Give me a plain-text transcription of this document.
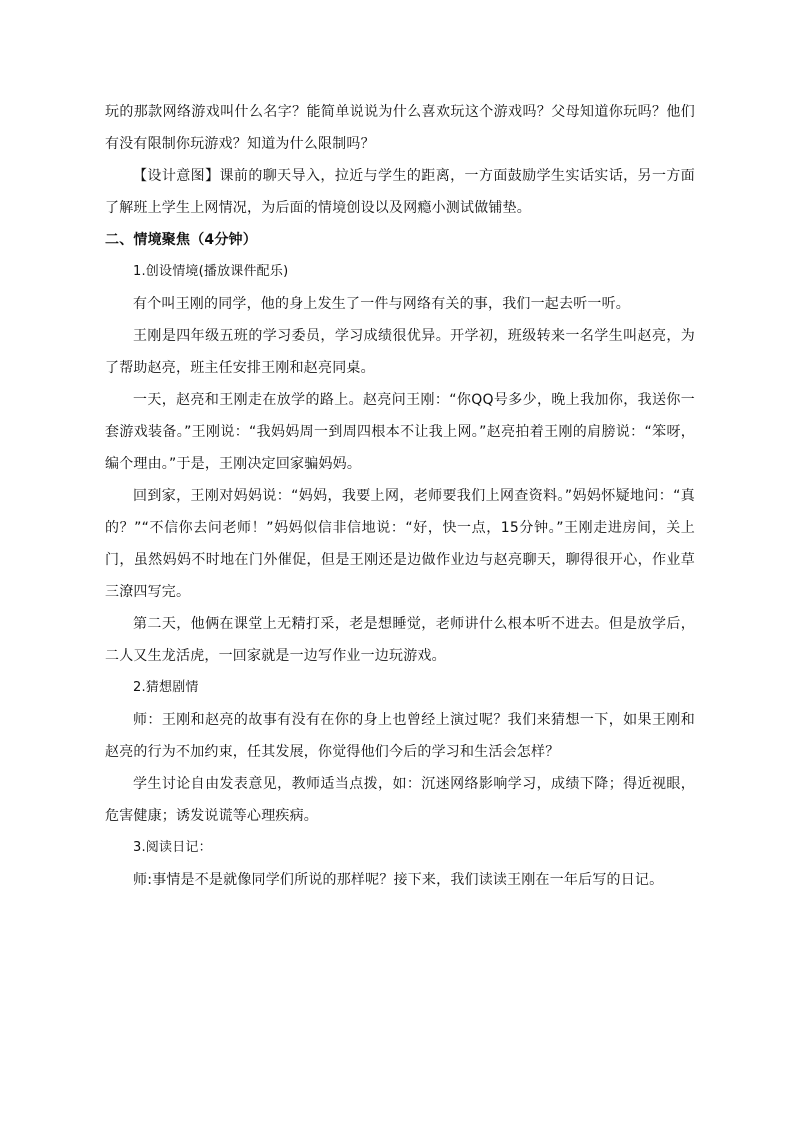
玩的那款网络游戏叫什么名字？能简单说说为什么喜欢玩这个游戏吗？父母知道你玩吗？他们有没有限制你玩游戏？知道为什么限制吗？

【设计意图】课前的聊天导入，拉近与学生的距离，一方面鼓励学生实话实话，另一方面了解班上学生上网情况，为后面的情境创设以及网瘾小测试做铺垫。

二、情境聚焦（4分钟）

1.创设情境(播放课件配乐)

有个叫王刚的同学，他的身上发生了一件与网络有关的事，我们一起去听一听。

王刚是四年级五班的学习委员，学习成绩很优异。开学初，班级转来一名学生叫赵亮，为了帮助赵亮，班主任安排王刚和赵亮同桌。

一天，赵亮和王刚走在放学的路上。赵亮问王刚：“你QQ号多少，晚上我加你，我送你一套游戏装备。”王刚说：“我妈妈周一到周四根本不让我上网。”赵亮拍着王刚的肩膀说：“笨呀，编个理由。”于是，王刚决定回家骗妈妈。

回到家，王刚对妈妈说：“妈妈，我要上网，老师要我们上网查资料。”妈妈怀疑地问：“真的？”“不信你去问老师！”妈妈似信非信地说：“好，快一点，15分钟。”王刚走进房间，关上门，虽然妈妈不时地在门外催促，但是王刚还是边做作业边与赵亮聊天，聊得很开心，作业草三潦四写完。

第二天，他俩在课堂上无精打采，老是想睡觉，老师讲什么根本听不进去。但是放学后，二人又生龙活虎，一回家就是一边写作业一边玩游戏。

2.猜想剧情

师：王刚和赵亮的故事有没有在你的身上也曾经上演过呢？我们来猜想一下，如果王刚和赵亮的行为不加约束，任其发展，你觉得他们今后的学习和生活会怎样？

学生讨论自由发表意见，教师适当点拨，如：沉迷网络影响学习，成绩下降；得近视眼，危害健康；诱发说谎等心理疾病。

3.阅读日记：

师:事情是不是就像同学们所说的那样呢？接下来，我们读读王刚在一年后写的日记。
